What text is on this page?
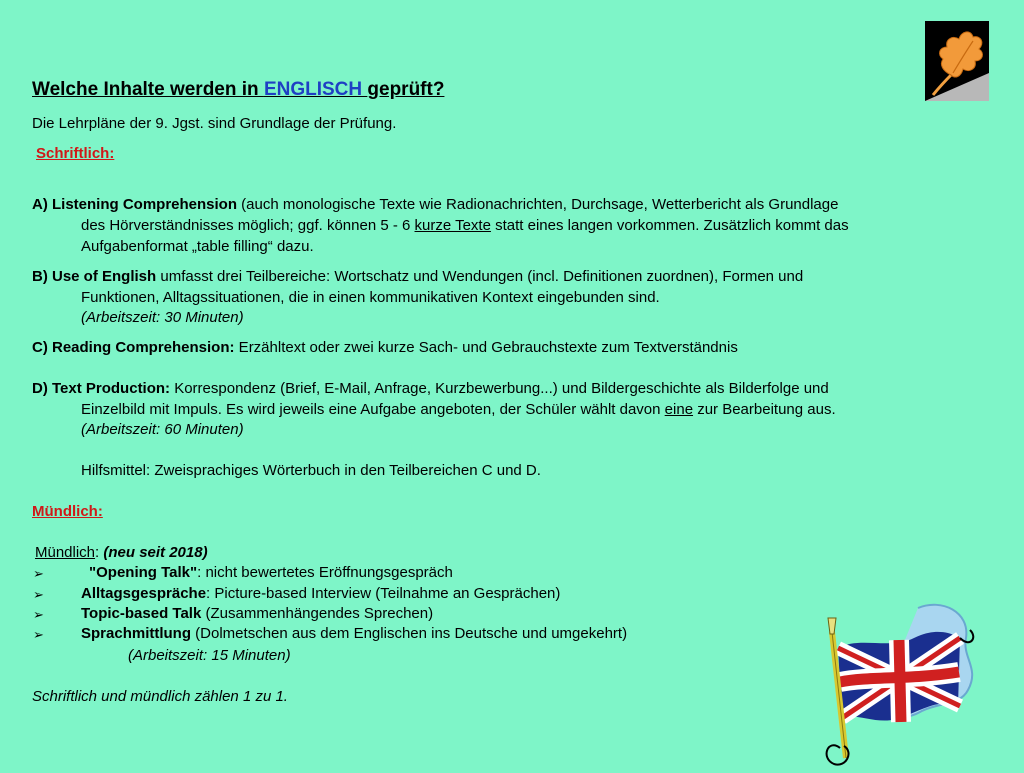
Welche Inhalte werden in ENGLISCH geprüft?
Die Lehrpläne der 9. Jgst. sind Grundlage der Prüfung.
Schriftlich:
A) Listening Comprehension (auch monologische Texte wie Radionachrichten, Durchsage, Wetterbericht als Grundlage
des Hörverständnisses möglich; ggf. können 5 - 6 kurze Texte statt eines langen vorkommen. Zusätzlich kommt das
Aufgabenformat „table filling“ dazu.
B) Use of English umfasst drei Teilbereiche: Wortschatz und Wendungen (incl. Definitionen zuordnen), Formen und
Funktionen, Alltagssituationen, die in einen kommunikativen Kontext eingebunden sind.
(Arbeitszeit: 30 Minuten)
C) Reading Comprehension: Erzähltext oder zwei kurze Sach- und Gebrauchstexte zum Textverständnis
D) Text Production: Korrespondenz (Brief, E-Mail, Anfrage, Kurzbewerbung...) und Bildergeschichte als Bilderfolge und
Einzelbild mit Impuls. Es wird jeweils eine Aufgabe angeboten, der Schüler wählt davon eine zur Bearbeitung aus.
(Arbeitszeit: 60 Minuten)
Hilfsmittel: Zweisprachiges Wörterbuch in den Teilbereichen C und D.
Mündlich:
Mündlich: (neu seit 2018)
➢	"Opening Talk": nicht bewertetes Eröffnungsgespräch
➢ Alltagsgespräche: Picture-based Interview (Teilnahme an Gesprächen)
➢ Topic-based Talk (Zusammenhängendes Sprechen)
➢ Sprachmittlung (Dolmetschen aus dem Englischen ins Deutsche und umgekehrt)
(Arbeitszeit: 15 Minuten)
Schriftlich und mündlich zählen 1 zu 1.
